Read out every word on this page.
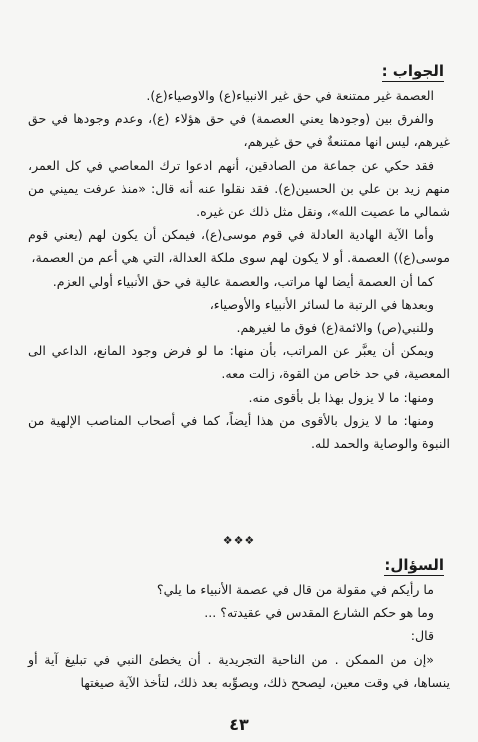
الجواب :

العصمة غير ممتنعة في حق غير الانبياء(ع) والاوصياء(ع).

والفرق بين (وجودها يعني العصمة) في حق هؤلاء (ع)، وعدم وجودها في حق غيرهم، ليس انها ممتنعةٌ في حق غيرهم،

فقد حكي عن جماعة من الصادقين، أنهم ادعوا ترك المعاصي في كل العمر، منهم زيد بن علي بن الحسين(ع). فقد نقلوا عنه أنه قال: «منذ عرفت يميني من شمالي ما عصيت الله»، ونقل مثل ذلك عن غيره.

وأما الآية الهادية العادلة في قوم موسى(ع)، فيمكن أن يكون لهم (يعني قوم موسى(ع)) العصمة. أو لا يكون لهم سوى ملكة العدالة، التي هي أعم من العصمة،

كما أن العصمة أيضا لها مراتب، والعصمة عالية في حق الأنبياء أولي العزم.

وبعدها في الرتبة ما لسائر الأنبياء والأوصياء،

وللنبي(ص) والائمة(ع) فوق ما لغيرهم.

ويمكن أن يعبَّر عن المراتب، بأن منها: ما لو فرض وجود المانع، الداعي الى المعصية، في حد خاص من القوة، زالت معه.

ومنها: ما لا يزول بهذا بل بأقوى منه.

ومنها: ما لا يزول بالأقوى من هذا أيضاً، كما في أصحاب المناصب الإلهية من النبوة والوصاية والحمد لله.

❖❖❖
السؤال:

ما رأيكم في مقولة من قال في عصمة الأنبياء ما يلي؟

وما هو حكم الشارع المقدس في عقيدته؟ ...

قال:

«إن من الممكن . من الناحية التجريدية . أن يخطئ النبي في تبليغ آية أو ينساها، في وقت معين، ليصحح ذلك، ويصوِّبه بعد ذلك، لتأخذ الآية صيغتها

٤٣
